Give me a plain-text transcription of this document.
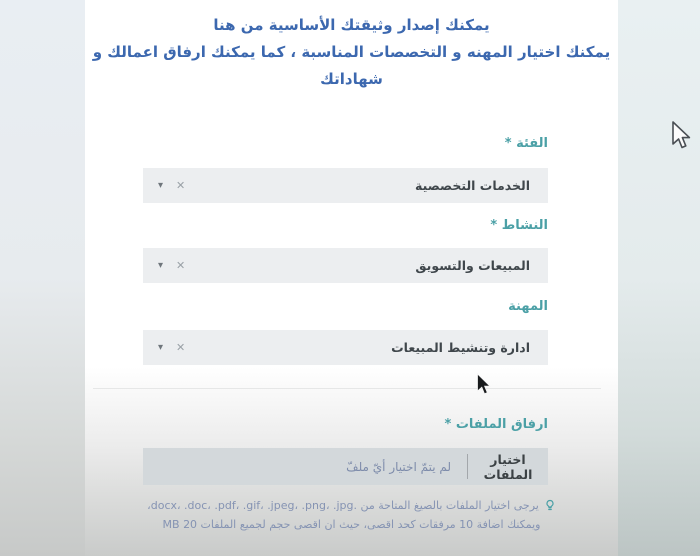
يمكنك إصدار وثيقتك الأساسية من هنا
يمكنك اختيار المهنه و التخصصات المناسبة ، كما يمكنك ارفاق اعمالك و
شهاداتك
الفئة *
الخدمات التخصصية
▾ ✕
النشاط *
المبيعات والتسويق
▾ ✕
المهنة
ادارة وتنشيط المبيعات
▾ ✕
ارفاق الملفات *
اختيار الملفات
لم يتمّ اختيار أيّ ملفّ
يرجى اختيار الملفات بالصيغ المتاحة من .docx، .doc، .pdf، .gif، .jpeg، .png، .jpg،
ويمكنك اضافة 10 مرفقات كحد اقصى، حيث ان اقصى حجم لجميع الملفات 20 MB
